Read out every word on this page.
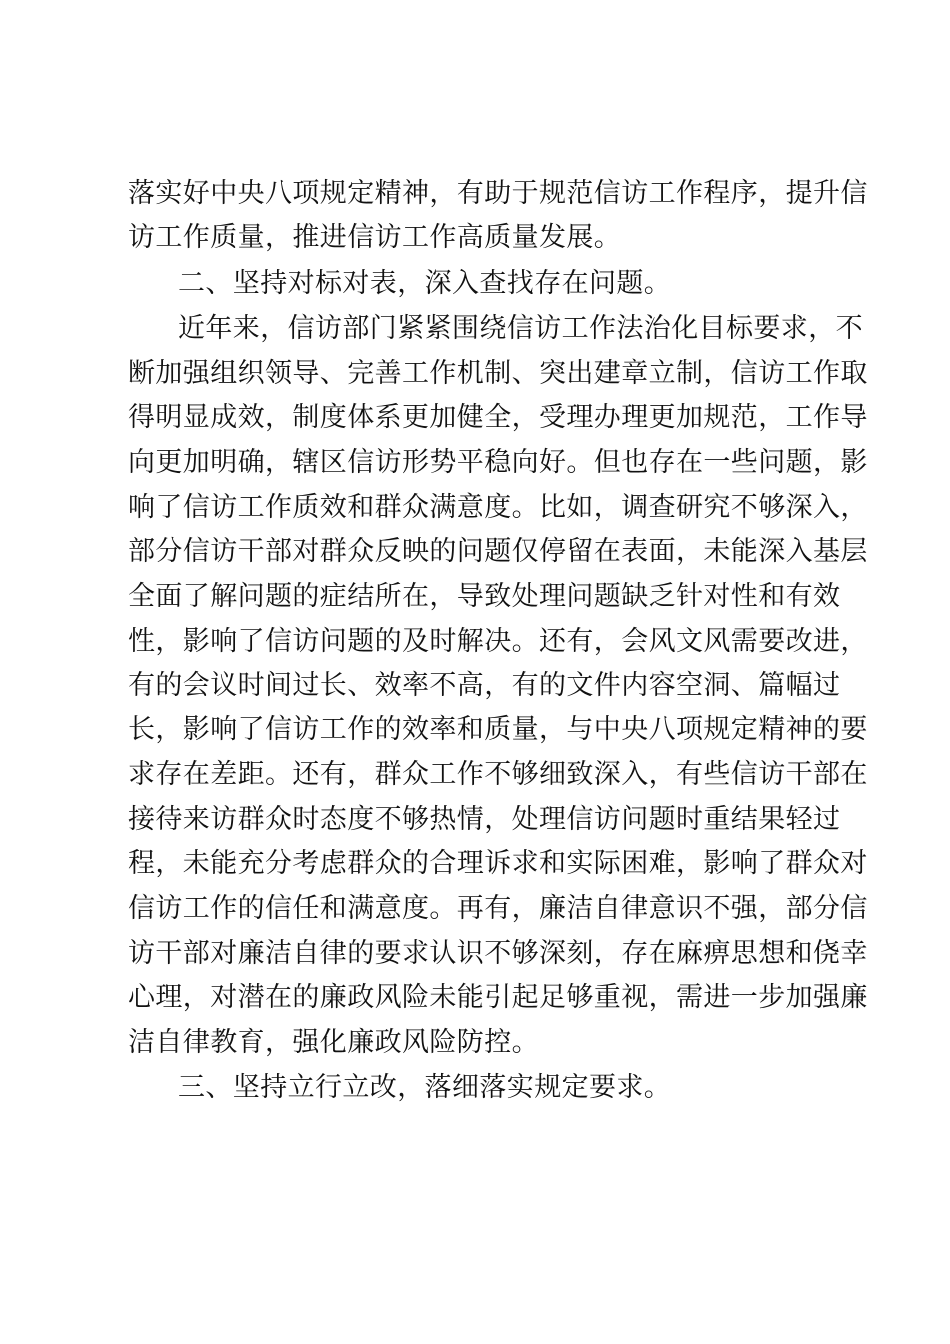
落实好中央八项规定精神，有助于规范信访工作程序，提升信
访工作质量，推进信访工作高质量发展。
二、坚持对标对表，深入查找存在问题。
近年来，信访部门紧紧围绕信访工作法治化目标要求，不
断加强组织领导、完善工作机制、突出建章立制，信访工作取
得明显成效，制度体系更加健全，受理办理更加规范，工作导
向更加明确，辖区信访形势平稳向好。但也存在一些问题，影
响了信访工作质效和群众满意度。比如，调查研究不够深入，
部分信访干部对群众反映的问题仅停留在表面，未能深入基层
全面了解问题的症结所在，导致处理问题缺乏针对性和有效
性，影响了信访问题的及时解决。还有，会风文风需要改进，
有的会议时间过长、效率不高，有的文件内容空洞、篇幅过
长，影响了信访工作的效率和质量，与中央八项规定精神的要
求存在差距。还有，群众工作不够细致深入，有些信访干部在
接待来访群众时态度不够热情，处理信访问题时重结果轻过
程，未能充分考虑群众的合理诉求和实际困难，影响了群众对
信访工作的信任和满意度。再有，廉洁自律意识不强，部分信
访干部对廉洁自律的要求认识不够深刻，存在麻痹思想和侥幸
心理，对潜在的廉政风险未能引起足够重视，需进一步加强廉
洁自律教育，强化廉政风险防控。
三、坚持立行立改，落细落实规定要求。
